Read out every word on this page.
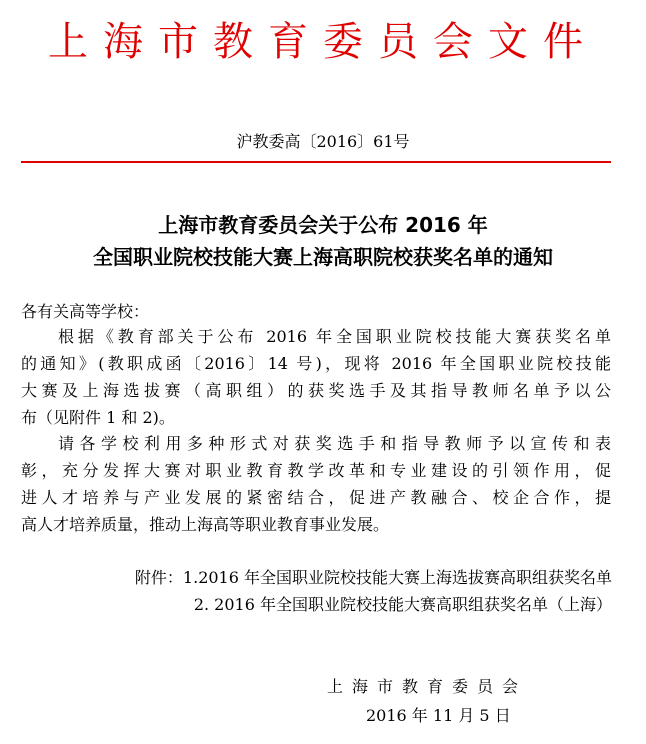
上海市教育委员会文件
沪教委高〔2016〕61号
上海市教育委员会关于公布 2016 年
全国职业院校技能大赛上海高职院校获奖名单的通知
各有关高等学校：
根据《教育部关于公布 2016 年全国职业院校技能大赛获奖名单
的通知》(教职成函〔2016〕14 号)，现将 2016 年全国职业院校技能
大赛及上海选拔赛（高职组）的获奖选手及其指导教师名单予以公
布（见附件 1 和 2)。
请各学校利用多种形式对获奖选手和指导教师予以宣传和表
彰，充分发挥大赛对职业教育教学改革和专业建设的引领作用，促
进人才培养与产业发展的紧密结合，促进产教融合、校企合作，提
高人才培养质量，推动上海高等职业教育事业发展。
附件：1.2016 年全国职业院校技能大赛上海选拔赛高职组获奖名单
2. 2016 年全国职业院校技能大赛高职组获奖名单（上海）
上海市教育委员会
2016 年 11 月 5 日
